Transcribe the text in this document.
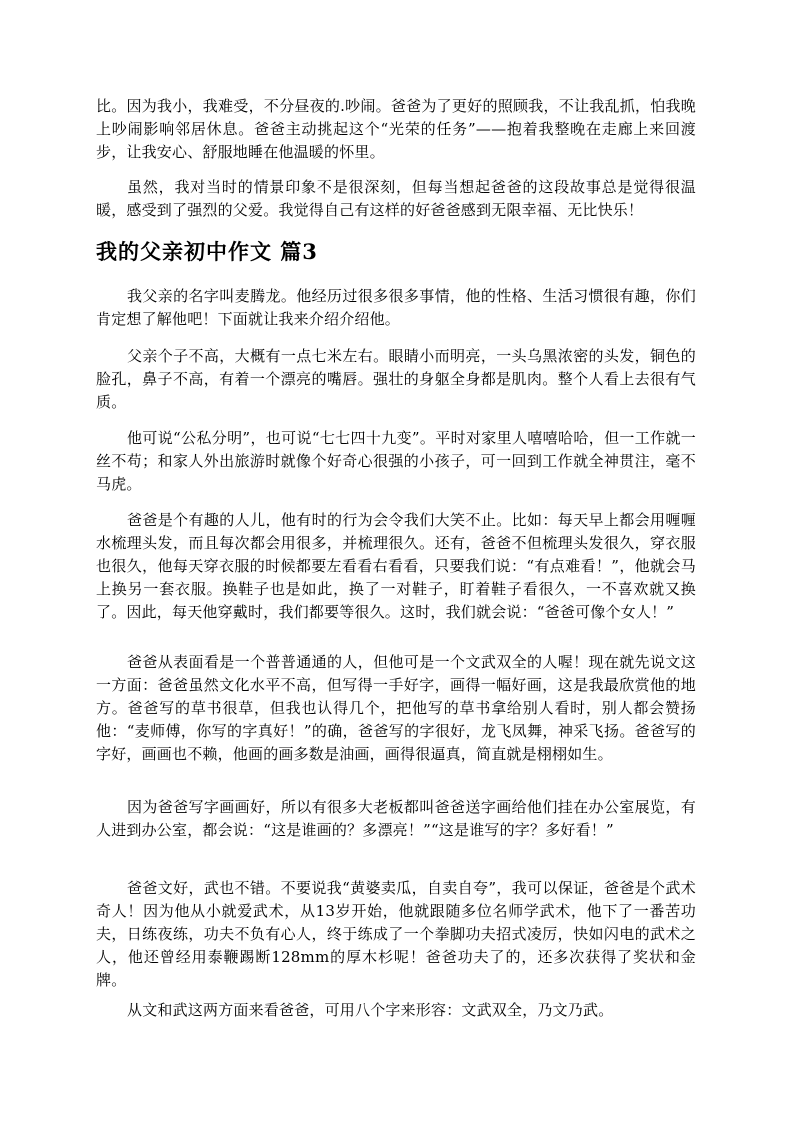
比。因为我小，我难受，不分昼夜的.吵闹。爸爸为了更好的照顾我，不让我乱抓，怕我晚上吵闹影响邻居休息。爸爸主动挑起这个“光荣的任务”——抱着我整晚在走廊上来回渡步，让我安心、舒服地睡在他温暖的怀里。

虽然，我对当时的情景印象不是很深刻，但每当想起爸爸的这段故事总是觉得很温暖，感受到了强烈的父爱。我觉得自己有这样的好爸爸感到无限幸福、无比快乐！

我的父亲初中作文 篇3

我父亲的名字叫麦腾龙。他经历过很多很多事情，他的性格、生活习惯很有趣，你们肯定想了解他吧！下面就让我来介绍介绍他。

父亲个子不高，大概有一点七米左右。眼睛小而明亮，一头乌黑浓密的头发，铜色的脸孔，鼻子不高，有着一个漂亮的嘴唇。强壮的身躯全身都是肌肉。整个人看上去很有气质。

他可说“公私分明”，也可说“七七四十九变”。平时对家里人嘻嘻哈哈，但一工作就一丝不苟；和家人外出旅游时就像个好奇心很强的小孩子，可一回到工作就全神贯注，毫不马虎。

爸爸是个有趣的人儿，他有时的行为会令我们大笑不止。比如：每天早上都会用喱喱水梳理头发，而且每次都会用很多，并梳理很久。还有，爸爸不但梳理头发很久，穿衣服也很久，他每天穿衣服的时候都要左看看右看看，只要我们说：“有点难看！”，他就会马上换另一套衣服。换鞋子也是如此，换了一对鞋子，盯着鞋子看很久，一不喜欢就又换了。因此，每天他穿戴时，我们都要等很久。这时，我们就会说：“爸爸可像个女人！”

爸爸从表面看是一个普普通通的人，但他可是一个文武双全的人喔！现在就先说文这一方面：爸爸虽然文化水平不高，但写得一手好字，画得一幅好画，这是我最欣赏他的地方。爸爸写的草书很草，但我也认得几个，把他写的草书拿给别人看时，别人都会赞扬他：“麦师傅，你写的字真好！”的确，爸爸写的字很好，龙飞凤舞，神采飞扬。爸爸写的字好，画画也不赖，他画的画多数是油画，画得很逼真，简直就是栩栩如生。

因为爸爸写字画画好，所以有很多大老板都叫爸爸送字画给他们挂在办公室展览，有人进到办公室，都会说：“这是谁画的？多漂亮！”“这是谁写的字？多好看！”

爸爸文好，武也不错。不要说我“黄婆卖瓜，自卖自夸”，我可以保证，爸爸是个武术奇人！因为他从小就爱武术，从13岁开始，他就跟随多位名师学武术，他下了一番苦功夫，日练夜练，功夫不负有心人，终于练成了一个拳脚功夫招式凌厉，快如闪电的武术之人，他还曾经用泰鞭踢断128mm的厚木杉呢！爸爸功夫了的，还多次获得了奖状和金牌。

从文和武这两方面来看爸爸，可用八个字来形容：文武双全，乃文乃武。
